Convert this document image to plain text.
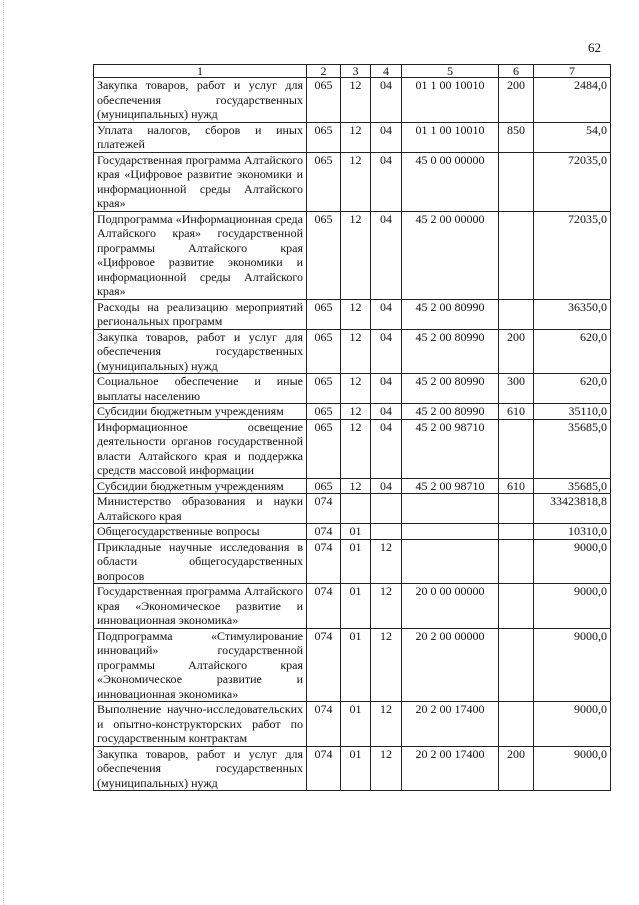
62
1	2	3	4	5	6	7
Закупка товаров, работ и услуг для обеспечения государственных (муниципальных) нужд	065	12	04	01 1 00 10010	200	2484,0
Уплата налогов, сборов и иных платежей	065	12	04	01 1 00 10010	850	54,0
Государственная программа Алтайского края «Цифровое развитие экономики и информационной среды Алтайского края»	065	12	04	45 0 00 00000		72035,0
Подпрограмма «Информационная среда Алтайского края» государственной программы Алтайского края «Цифровое развитие экономики и информационной среды Алтайского края»	065	12	04	45 2 00 00000		72035,0
Расходы на реализацию мероприятий региональных программ	065	12	04	45 2 00 80990		36350,0
Закупка товаров, работ и услуг для обеспечения государственных (муниципальных) нужд	065	12	04	45 2 00 80990	200	620,0
Социальное обеспечение и иные выплаты населению	065	12	04	45 2 00 80990	300	620,0
Субсидии бюджетным учреждениям	065	12	04	45 2 00 80990	610	35110,0
Информационное освещение деятельности органов государственной власти Алтайского края и поддержка средств массовой информации	065	12	04	45 2 00 98710		35685,0
Субсидии бюджетным учреждениям	065	12	04	45 2 00 98710	610	35685,0
Министерство образования и науки Алтайского края	074					33423818,8
Общегосударственные вопросы	074	01				10310,0
Прикладные научные исследования в области общегосударственных вопросов	074	01	12			9000,0
Государственная программа Алтайского края «Экономическое развитие и инновационная экономика»	074	01	12	20 0 00 00000		9000,0
Подпрограмма «Стимулирование инноваций» государственной программы Алтайского края «Экономическое развитие и инновационная экономика»	074	01	12	20 2 00 00000		9000,0
Выполнение научно-исследовательских и опытно-конструкторских работ по государственным контрактам	074	01	12	20 2 00 17400		9000,0
Закупка товаров, работ и услуг для обеспечения государственных (муниципальных) нужд	074	01	12	20 2 00 17400	200	9000,0
